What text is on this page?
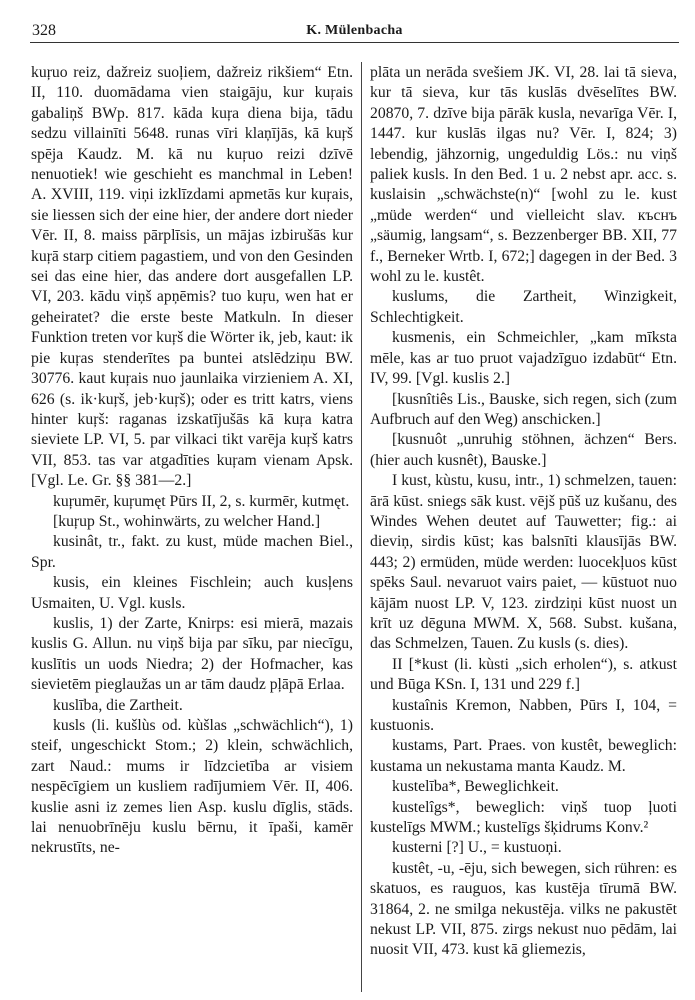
328	K. Mülenbacha

kuŗuo reiz, dažreiz suoļiem, dažreiz rikšiem“ Etn. II, 110. duomādama vien staigāju, kur kuŗais gabaliņš BWp. 817. kāda kuŗa diena bija, tādu sedzu villainīti 5648. runas vīri klaņījās, kā kuŗš spēja Kaudz. M. kā nu kuŗuo reizi dzīvē nenuotiek! wie geschieht es manchmal in Leben! A. XVIII, 119. viņi izklīzdami apmetās kur kuŗais, sie liessen sich der eine hier, der andere dort nieder Vēr. II, 8. maiss pārplīsis, un mājas izbirušās kur kuŗā starp citiem pagastiem, und von den Gesinden sei das eine hier, das andere dort ausgefallen LP. VI, 203. kādu viņš apņēmis? tuo kuŗu, wen hat er geheiratet? die erste beste Matkuln. In dieser Funktion treten vor kuŗš die Wörter ik, jeb, kaut: ik pie kuŗas stenderītes pa buntei atslēdziņu BW. 30776. kaut kuŗais nuo jaunlaika virzieniem A. XI, 626 (s. ik·kuŗš, jeb·kuŗš); oder es tritt katrs, viens hinter kuŗš: raganas izskatījušās kā kuŗa katra sieviete LP. VI, 5. par vilkaci tikt varēja kuŗš katrs VII, 853. tas var atgadīties kuŗam vienam Apsk. [Vgl. Le. Gr. §§ 381—2.]

kuŗumēr, kuŗumęt Pūrs II, 2, s. kurmēr, kutmęt.

[kuŗup St., wohinwärts, zu welcher Hand.]

kusinât, tr., fakt. zu kust, müde machen Biel., Spr.

kusis, ein kleines Fischlein; auch kusļens Usmaiten, U. Vgl. kusls.

kuslis, 1) der Zarte, Knirps: esi mierā, mazais kuslis G. Allun. nu viņš bija par sīku, par niecīgu, kuslītis un uods Niedra; 2) der Hofmacher, kas sievietēm pieglaužas un ar tām daudz pļāpā Erlaa.

kuslība, die Zartheit.

kusls (li. kušlùs od. kùšlas „schwächlich“), 1) steif, ungeschickt Stom.; 2) klein, schwächlich, zart Naud.: mums ir līdzcietība ar visiem nespēcīgiem un kusliem radījumiem Vēr. II, 406. kuslie asni iz zemes lien Asp. kuslu dīglis, stāds. lai nenuobrīnēju kuslu bērnu, it īpaši, kamēr nekrustīts, ne-

plāta un nerāda svešiem JK. VI, 28. lai tā sieva, kur tā sieva, kur tās kuslās dvēselītes BW. 20870, 7. dzīve bija pārāk kusla, nevarīga Vēr. I, 1447. kur kuslās ilgas nu? Vēr. I, 824; 3) lebendig, jähzornig, ungeduldig Lös.: nu viņš paliek kusls. In den Bed. 1 u. 2 nebst apr. acc. s. kuslaisin „schwächste(n)“ [wohl zu le. kust „müde werden“ und vielleicht slav. къснъ „säumig, langsam“, s. Bezzenberger BB. XII, 77 f., Berneker Wrtb. I, 672;] dagegen in der Bed. 3 wohl zu le. kustêt.

kuslums, die Zartheit, Winzigkeit, Schlechtigkeit.

kusmenis, ein Schmeichler, „kam mīksta mēle, kas ar tuo pruot vajadzīguo izdabūt“ Etn. IV, 99. [Vgl. kuslis 2.]

[kusnîtiês Lis., Bauske, sich regen, sich (zum Aufbruch auf den Weg) anschicken.]

[kusnuôt „unruhig stöhnen, ächzen“ Bers. (hier auch kusnêt), Bauske.]

I kust, kùstu, kusu, intr., 1) schmelzen, tauen: ārā kūst. sniegs sāk kust. vējš pūš uz kušanu, des Windes Wehen deutet auf Tauwetter; fig.: ai dieviņ, sirdis kūst; kas balsnīti klausījās BW. 443; 2) ermüden, müde werden: luocekļuos kūst spēks Saul. nevaruot vairs paiet, — kūstuot nuo kājām nuost LP. V, 123. zirdziņi kūst nuost un krīt uz dēguna MWM. X, 568. Subst. kušana, das Schmelzen, Tauen. Zu kusls (s. dies).

II [*kust (li. kùsti „sich erholen“), s. atkust und Būga KSn. I, 131 und 229 f.]

kustaînis Kremon, Nabben, Pūrs I, 104, = kustuonis.

kustams, Part. Praes. von kustêt, beweglich: kustama un nekustama manta Kaudz. M.

kustelība*, Beweglichkeit.

kustelîgs*, beweglich: viņš tuop ļuoti kustelīgs MWM.; kustelīgs šķidrums Konv.²

kusterni [?] U., = kustuoņi.

kustêt, -u, -ēju, sich bewegen, sich rühren: es skatuos, es rauguos, kas kustēja tīrumā BW. 31864, 2. ne smilga nekustēja. vilks ne pakustēt nekust LP. VII, 875. zirgs nekust nuo pēdām, lai nuosit VII, 473. kust kā gliemezis,
